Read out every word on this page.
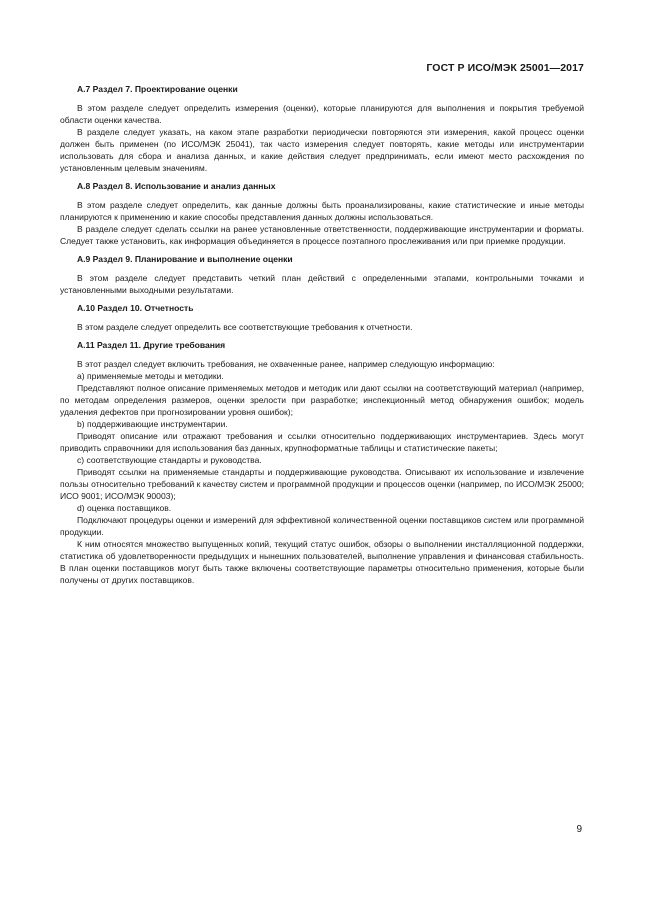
ГОСТ Р ИСО/МЭК 25001—2017
А.7 Раздел 7. Проектирование оценки

В этом разделе следует определить измерения (оценки), которые планируются для выполнения и покрытия требуемой области оценки качества.

В разделе следует указать, на каком этапе разработки периодически повторяются эти измерения, какой процесс оценки должен быть применен (по ИСО/МЭК 25041), так часто измерения следует повторять, какие методы или инструментарии использовать для сбора и анализа данных, и какие действия следует предпринимать, если имеют место расхождения по установленным целевым значениям.

А.8 Раздел 8. Использование и анализ данных

В этом разделе следует определить, как данные должны быть проанализированы, какие статистические и иные методы планируются к применению и какие способы представления данных должны использоваться.

В разделе следует сделать ссылки на ранее установленные ответственности, поддерживающие инструментарии и форматы. Следует также установить, как информация объединяется в процессе поэтапного прослеживания или при приемке продукции.

А.9 Раздел 9. Планирование и выполнение оценки

В этом разделе следует представить четкий план действий с определенными этапами, контрольными точками и установленными выходными результатами.

А.10 Раздел 10. Отчетность

В этом разделе следует определить все соответствующие требования к отчетности.

А.11 Раздел 11. Другие требования

В этот раздел следует включить требования, не охваченные ранее, например следующую информацию:

а) применяемые методы и методики.

Представляют полное описание применяемых методов и методик или дают ссылки на соответствующий материал (например, по методам определения размеров, оценки зрелости при разработке; инспекционный метод обнаружения ошибок; модель удаления дефектов при прогнозировании уровня ошибок);

b) поддерживающие инструментарии.

Приводят описание или отражают требования и ссылки относительно поддерживающих инструментариев. Здесь могут приводить справочники для использования баз данных, крупноформатные таблицы и статистические пакеты;

с) соответствующие стандарты и руководства.

Приводят ссылки на применяемые стандарты и поддерживающие руководства. Описывают их использование и извлечение пользы относительно требований к качеству систем и программной продукции и процессов оценки (например, по ИСО/МЭК 25000; ИСО 9001; ИСО/МЭК 90003);

d) оценка поставщиков.

Подключают процедуры оценки и измерений для эффективной количественной оценки поставщиков систем или программной продукции.

К ним относятся множество выпущенных копий, текущий статус ошибок, обзоры о выполнении инсталляционной поддержки, статистика об удовлетворенности предыдущих и нынешних пользователей, выполнение управления и финансовая стабильность. В план оценки поставщиков могут быть также включены соответствующие параметры относительно применения, которые были получены от других поставщиков.

9
